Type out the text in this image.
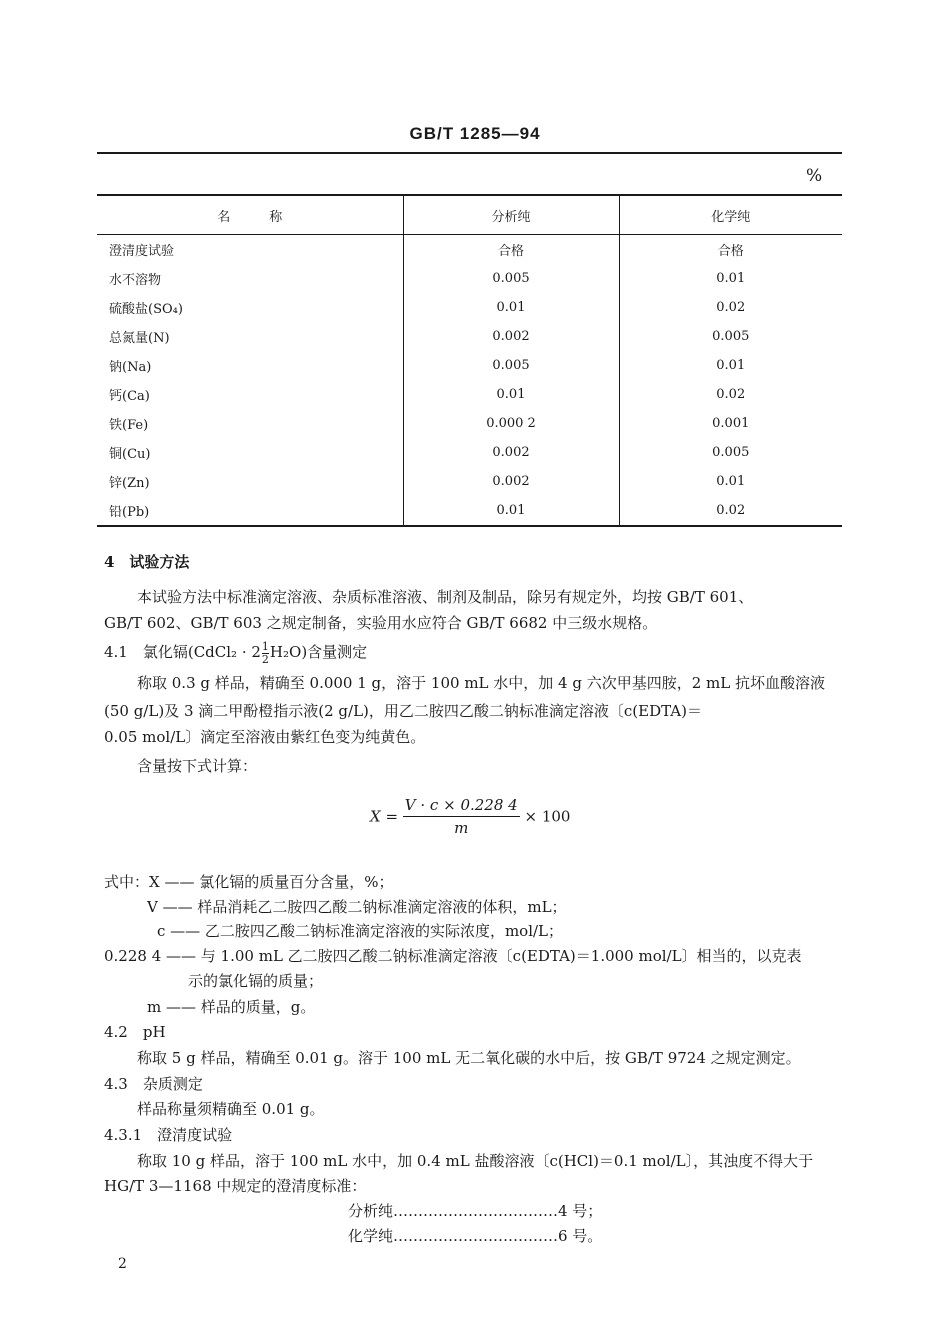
GB/T 1285—94
%
名　　　称	分析纯	化学纯
澄清度试验	合格	合格
水不溶物	0.005	0.01
硫酸盐(SO₄)	0.01	0.02
总氮量(N)	0.002	0.005
钠(Na)	0.005	0.01
钙(Ca)	0.01	0.02
铁(Fe)	0.000 2	0.001
铜(Cu)	0.002	0.005
锌(Zn)	0.002	0.01
铅(Pb)	0.01	0.02
4　试验方法
本试验方法中标准滴定溶液、杂质标准溶液、制剂及制品，除另有规定外，均按 GB/T 601、
GB/T 602、GB/T 603 之规定制备，实验用水应符合 GB/T 6682 中三级水规格。
4.1　氯化镉(CdCl₂ · $2 \frac{1}{2} H_2O$)含量测定
称取 0.3 g 样品，精确至 0.000 1 g，溶于 100 mL 水中，加 4 g 六次甲基四胺，2 mL 抗坏血酸溶液
(50 g/L)及 3 滴二甲酚橙指示液(2 g/L)，用乙二胺四乙酸二钠标准滴定溶液〔c(EDTA)＝
0.05 mol/L〕滴定至溶液由紫红色变为纯黄色。
含量按下式计算：
$X = \frac{V \cdot c \times 0.228 4}{m} \times 100$
式中：X —— 氯化镉的质量百分含量，%；
V —— 样品消耗乙二胺四乙酸二钠标准滴定溶液的体积，mL；
c —— 乙二胺四乙酸二钠标准滴定溶液的实际浓度，mol/L；
0.228 4 —— 与 1.00 mL 乙二胺四乙酸二钠标准滴定溶液〔c(EDTA)＝1.000 mol/L〕相当的，以克表
示的氯化镉的质量；
m —— 样品的质量，g。
4.2　pH
称取 5 g 样品，精确至 0.01 g。溶于 100 mL 无二氧化碳的水中后，按 GB/T 9724 之规定测定。
4.3　杂质测定
样品称量须精确至 0.01 g。
4.3.1　澄清度试验
称取 10 g 样品，溶于 100 mL 水中，加 0.4 mL 盐酸溶液〔c(HCl)＝0.1 mol/L〕，其浊度不得大于
HG/T 3—1168 中规定的澄清度标准：
分析纯……………………………4 号；
化学纯……………………………6 号。
2
